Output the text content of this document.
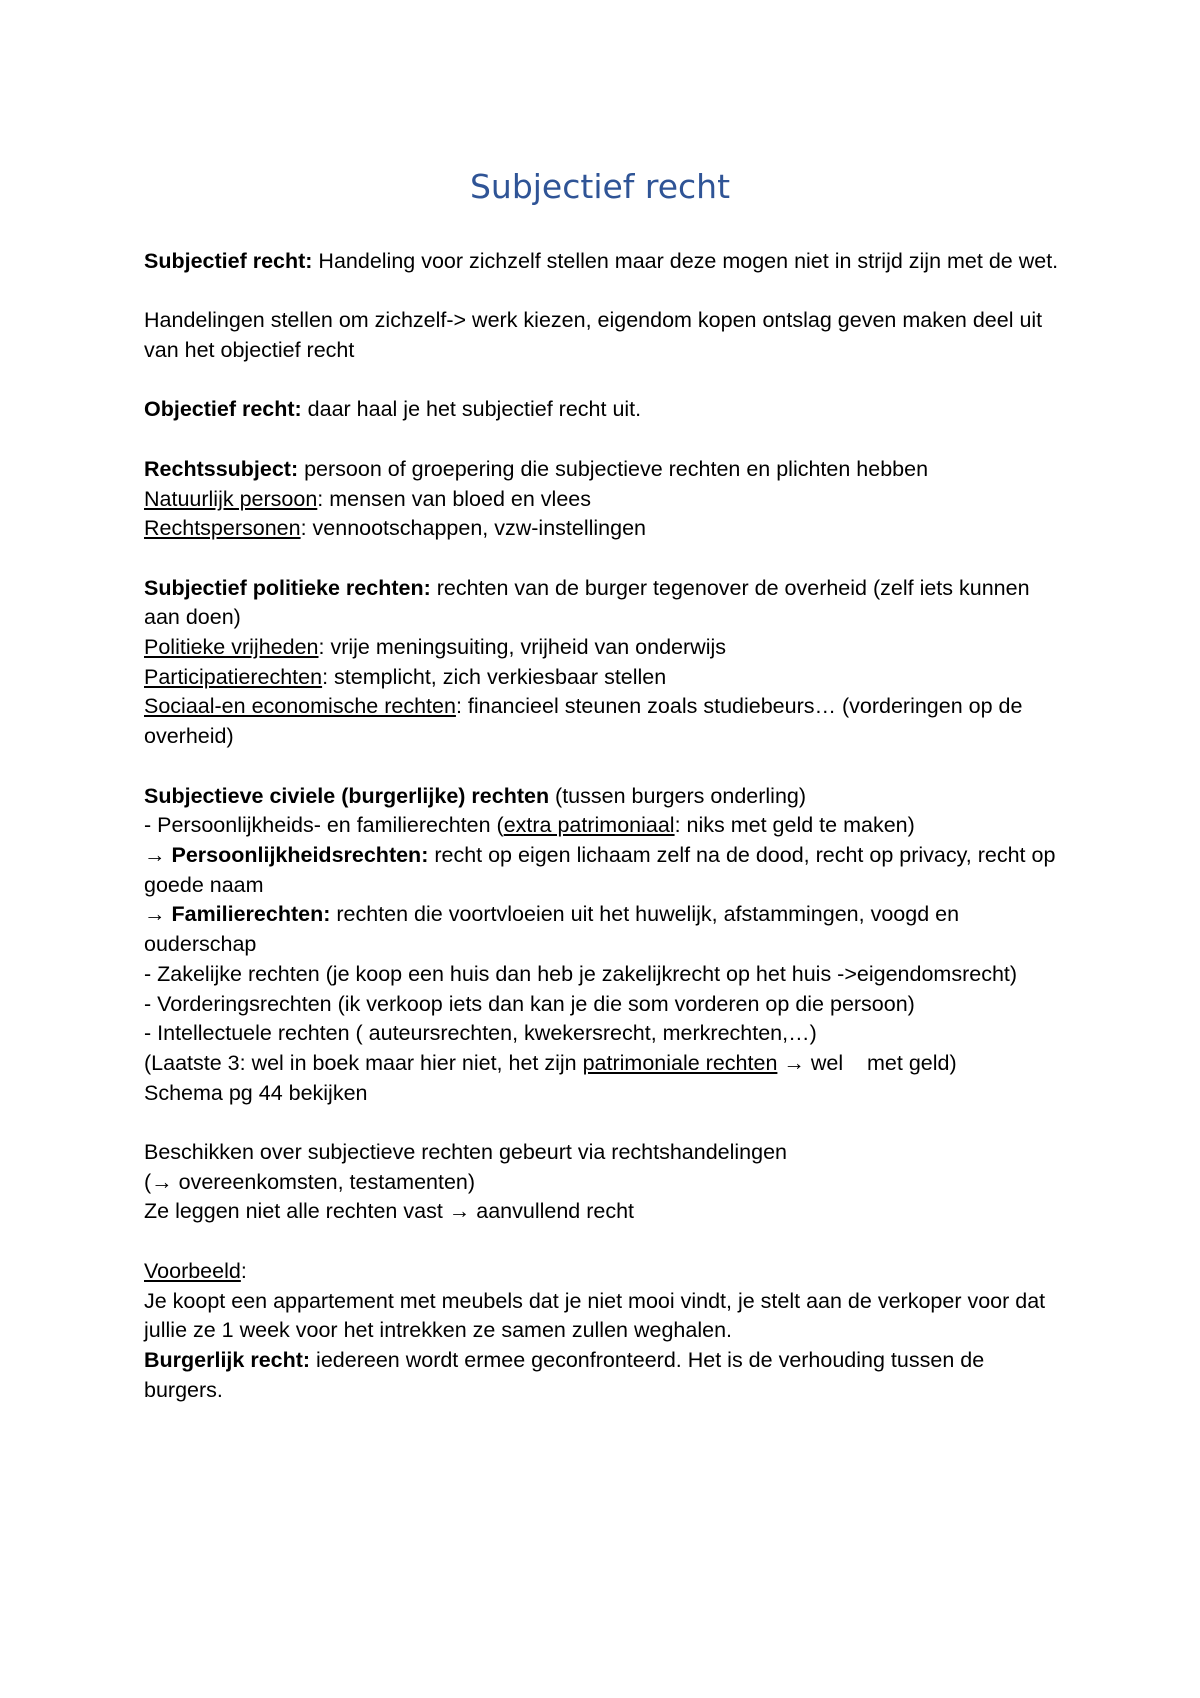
Subjectief recht

Subjectief recht: Handeling voor zichzelf stellen maar deze mogen niet in strijd zijn met de wet.

Handelingen stellen om zichzelf-> werk kiezen, eigendom kopen ontslag geven maken deel uit van het objectief recht

Objectief recht: daar haal je het subjectief recht uit.

Rechtssubject: persoon of groepering die subjectieve rechten en plichten hebben
Natuurlijk persoon: mensen van bloed en vlees
Rechtspersonen: vennootschappen, vzw-instellingen

Subjectief politieke rechten: rechten van de burger tegenover de overheid (zelf iets kunnen aan doen)
Politieke vrijheden: vrije meningsuiting, vrijheid van onderwijs
Participatierechten: stemplicht, zich verkiesbaar stellen
Sociaal-en economische rechten: financieel steunen zoals studiebeurs… (vorderingen op de overheid)

Subjectieve civiele (burgerlijke) rechten (tussen burgers onderling)
- Persoonlijkheids- en familierechten (extra patrimoniaal: niks met geld te maken)
→ Persoonlijkheidsrechten: recht op eigen lichaam zelf na de dood, recht op privacy, recht op goede naam
→ Familierechten: rechten die voortvloeien uit het huwelijk, afstammingen, voogd en ouderschap
- Zakelijke rechten (je koop een huis dan heb je zakelijkrecht op het huis ->eigendomsrecht)
- Vorderingsrechten (ik verkoop iets dan kan je die som vorderen op die persoon)
- Intellectuele rechten ( auteursrechten, kwekersrecht, merkrechten,…)
(Laatste 3: wel in boek maar hier niet, het zijn patrimoniale rechten → wel    met geld)
Schema pg 44 bekijken

Beschikken over subjectieve rechten gebeurt via rechtshandelingen
(→ overeenkomsten, testamenten)
Ze leggen niet alle rechten vast → aanvullend recht

Voorbeeld:
Je koopt een appartement met meubels dat je niet mooi vindt, je stelt aan de verkoper voor dat jullie ze 1 week voor het intrekken ze samen zullen weghalen.
Burgerlijk recht: iedereen wordt ermee geconfronteerd. Het is de verhouding tussen de burgers.
